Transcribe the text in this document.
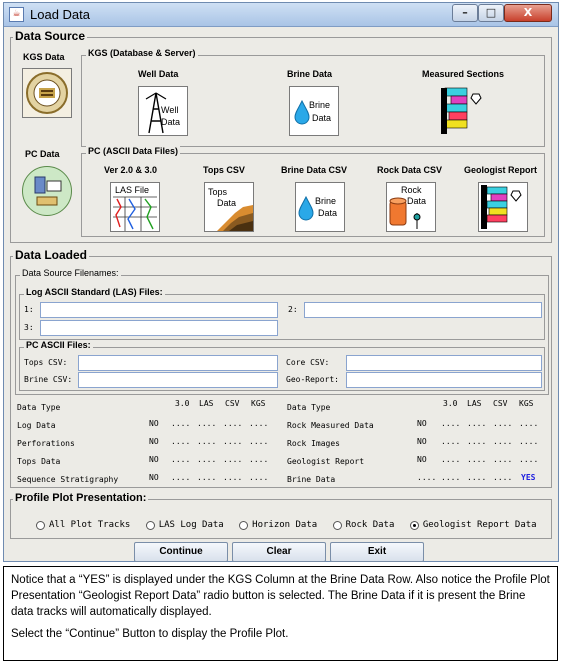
☕ Load Data	–	□	X
Data Source
KGS Data	KGS (Database & Server)
Well Data
Well
Data
Brine Data
Brine
Data
Measured Sections
PC Data	PC (ASCII Data Files)
Ver 2.0 & 3.0
LAS File
Tops CSV
Tops
Data
Brine Data CSV
Brine
Data
Rock Data CSV
Rock
Data
Geologist Report
Data Loaded
Data Source Filenames:
Log ASCII Standard (LAS) Files:
1:	2:
3:
PC ASCII Files:
Tops CSV:	Core CSV:
Brine CSV:	Geo-Report:
Data Type	3.0 LAS CSV KGS	Data Type	3.0 LAS CSV KGS
Log Data	NO .... .... .... ....
Perforations	NO .... .... .... ....
Tops Data	NO .... .... .... ....
Sequence Stratigraphy	NO .... .... .... ....
Rock Measured Data	NO .... .... .... ....
Rock Images	NO .... .... .... ....
Geologist Report	NO .... .... .... ....
Brine Data	.... .... .... .... YES
Profile Plot Presentation:
All Plot Tracks
	LAS Log Data
	Horizon Data
	Rock Data
	Geologist Report Data
Continue	Clear	Exit

Notice that a “YES” is displayed under the KGS Column at the Brine Data Row. Also notice the Profile Plot Presentation “Geologist Report Data” radio button is selected. The Brine Data if it is present the Brine data tracks will automatically displayed.

Select the “Continue” Button to display the Profile Plot.
